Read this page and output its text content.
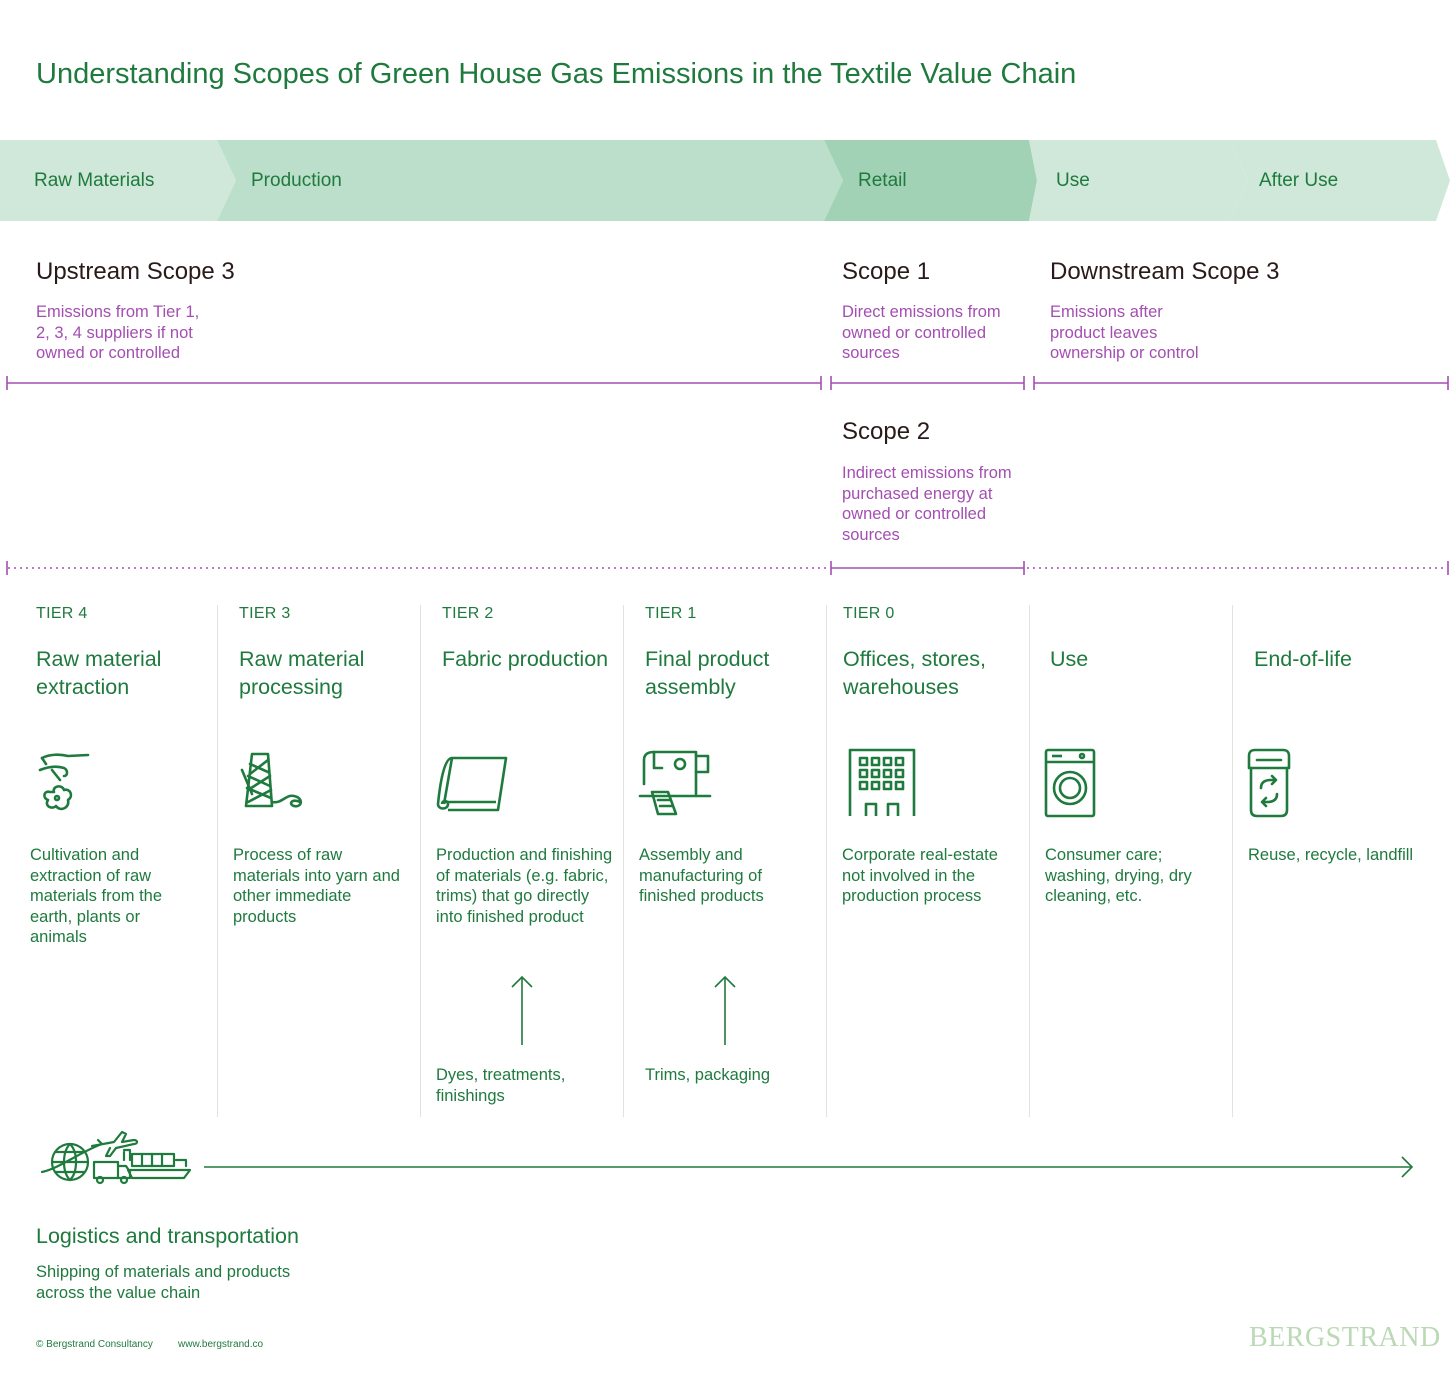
Understanding Scopes of Green House Gas Emissions in the Textile Value Chain
Raw Materials	Production	Retail	Use	After Use
Upstream Scope 3
Emissions from Tier 1, 2, 3, 4 suppliers if not owned or controlled
Scope 1
Direct emissions from owned or controlled sources
Downstream Scope 3
Emissions after product leaves ownership or control
Scope 2
Indirect emissions from purchased energy at owned or controlled sources
TIER 4
Raw material extraction
Cultivation and extraction of raw materials from the earth, plants or animals
TIER 3
Raw material processing
Process of raw materials into yarn and other immediate products
TIER 2
Fabric production
Production and finishing of materials (e.g. fabric, trims) that go directly into finished product
Dyes, treatments, finishings
TIER 1
Final product assembly
Assembly and manufacturing of finished products
Trims, packaging
TIER 0
Offices, stores, warehouses
Corporate real-estate not involved in the production process
Use
Consumer care; washing, drying, dry cleaning, etc.
End-of-life
Reuse, recycle, landfill
Logistics and transportation
Shipping of materials and products across the value chain
© Bergstrand Consultancy	www.bergstrand.co	BERGSTRAND
